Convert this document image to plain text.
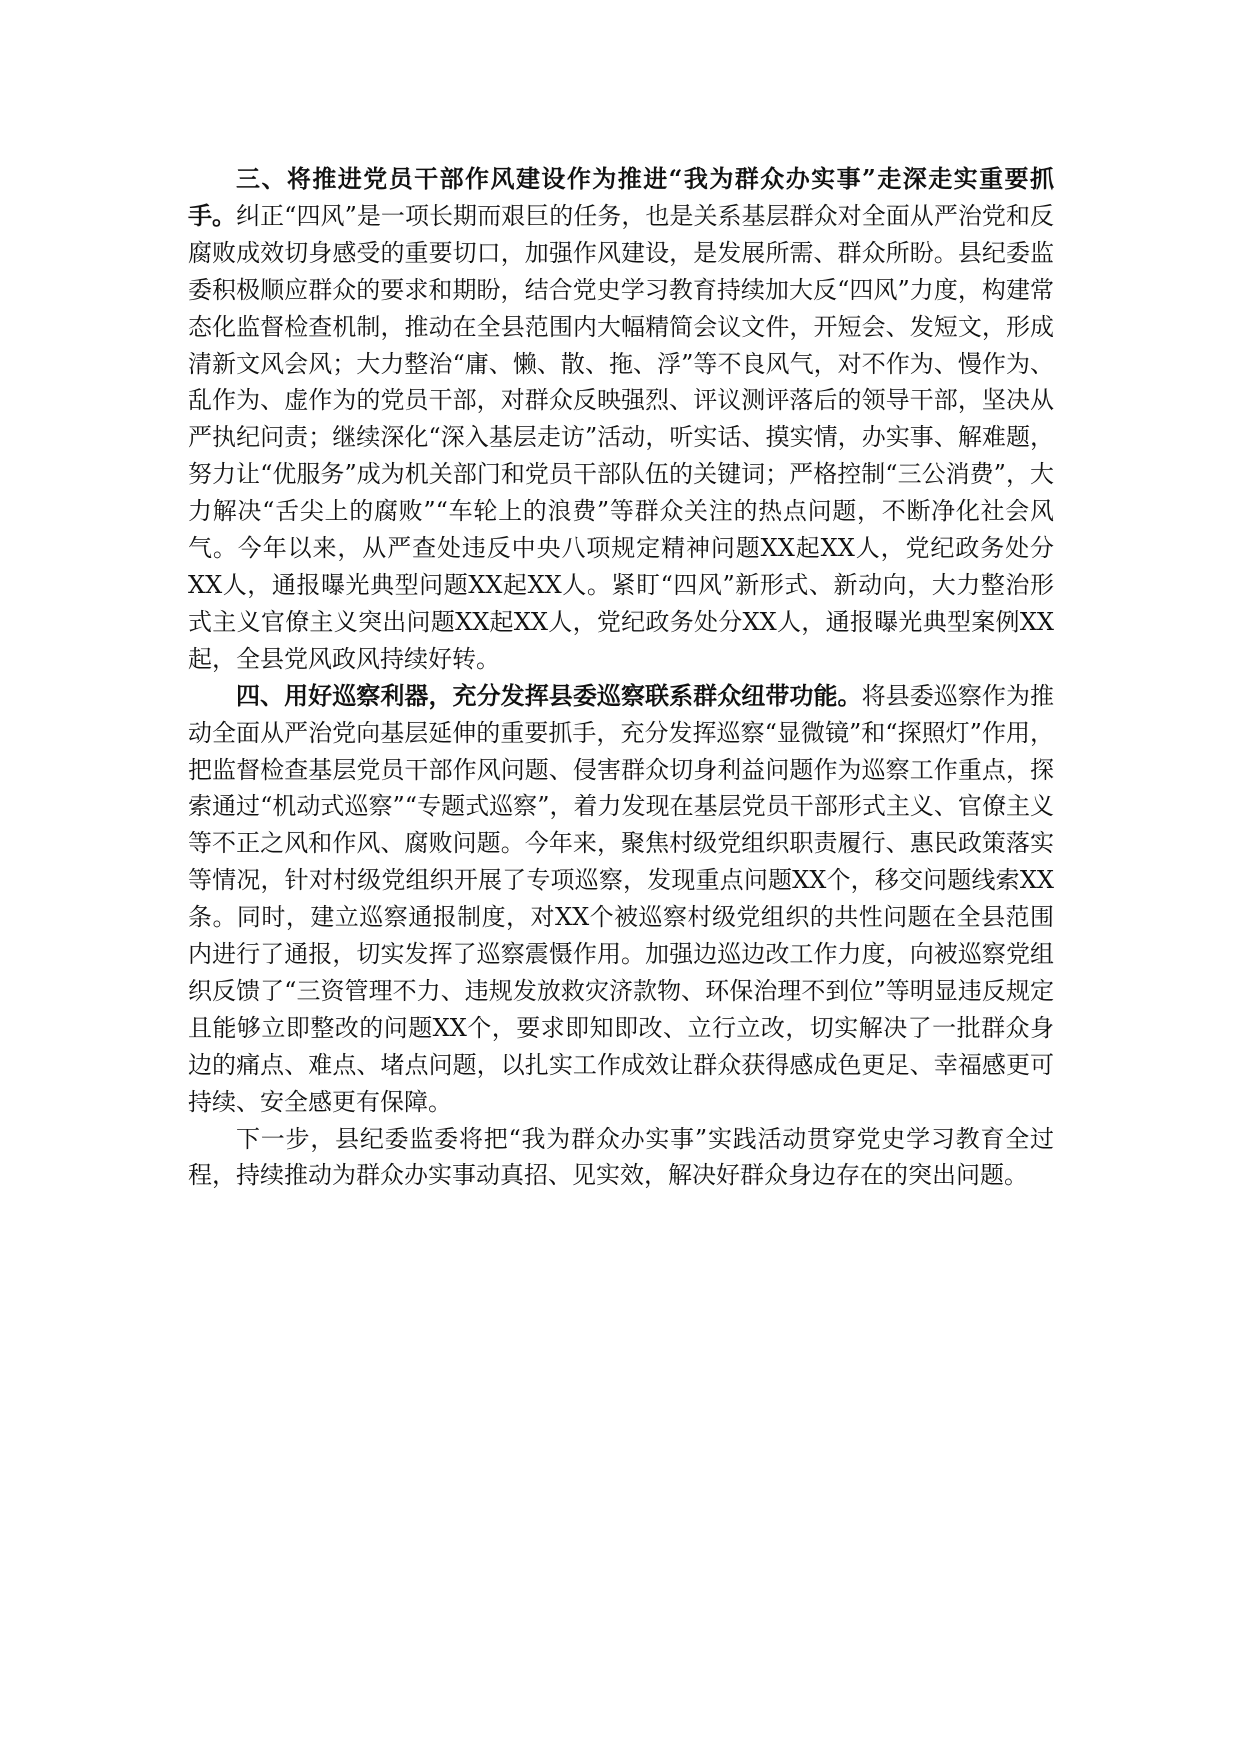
三、将推进党员干部作风建设作为推进“我为群众办实事”走深走实重要抓手。纠正“四风”是一项长期而艰巨的任务，也是关系基层群众对全面从严治党和反腐败成效切身感受的重要切口，加强作风建设，是发展所需、群众所盼。县纪委监委积极顺应群众的要求和期盼，结合党史学习教育持续加大反“四风”力度，构建常态化监督检查机制，推动在全县范围内大幅精简会议文件，开短会、发短文，形成清新文风会风；大力整治“庸、懒、散、拖、浮”等不良风气，对不作为、慢作为、乱作为、虚作为的党员干部，对群众反映强烈、评议测评落后的领导干部，坚决从严执纪问责；继续深化“深入基层走访”活动，听实话、摸实情，办实事、解难题，努力让“优服务”成为机关部门和党员干部队伍的关键词；严格控制“三公消费”，大力解决“舌尖上的腐败”“车轮上的浪费”等群众关注的热点问题，不断净化社会风气。今年以来，从严查处违反中央八项规定精神问题XX起XX人，党纪政务处分XX人，通报曝光典型问题XX起XX人。紧盯“四风”新形式、新动向，大力整治形式主义官僚主义突出问题XX起XX人，党纪政务处分XX人，通报曝光典型案例XX起，全县党风政风持续好转。

四、用好巡察利器，充分发挥县委巡察联系群众纽带功能。将县委巡察作为推动全面从严治党向基层延伸的重要抓手，充分发挥巡察“显微镜”和“探照灯”作用，把监督检查基层党员干部作风问题、侵害群众切身利益问题作为巡察工作重点，探索通过“机动式巡察”“专题式巡察”，着力发现在基层党员干部形式主义、官僚主义等不正之风和作风、腐败问题。今年来，聚焦村级党组织职责履行、惠民政策落实等情况，针对村级党组织开展了专项巡察，发现重点问题XX个，移交问题线索XX条。同时，建立巡察通报制度，对XX个被巡察村级党组织的共性问题在全县范围内进行了通报，切实发挥了巡察震慑作用。加强边巡边改工作力度，向被巡察党组织反馈了“三资管理不力、违规发放救灾济款物、环保治理不到位”等明显违反规定且能够立即整改的问题XX个，要求即知即改、立行立改，切实解决了一批群众身边的痛点、难点、堵点问题，以扎实工作成效让群众获得感成色更足、幸福感更可持续、安全感更有保障。

下一步，县纪委监委将把“我为群众办实事”实践活动贯穿党史学习教育全过程，持续推动为群众办实事动真招、见实效，解决好群众身边存在的突出问题。
